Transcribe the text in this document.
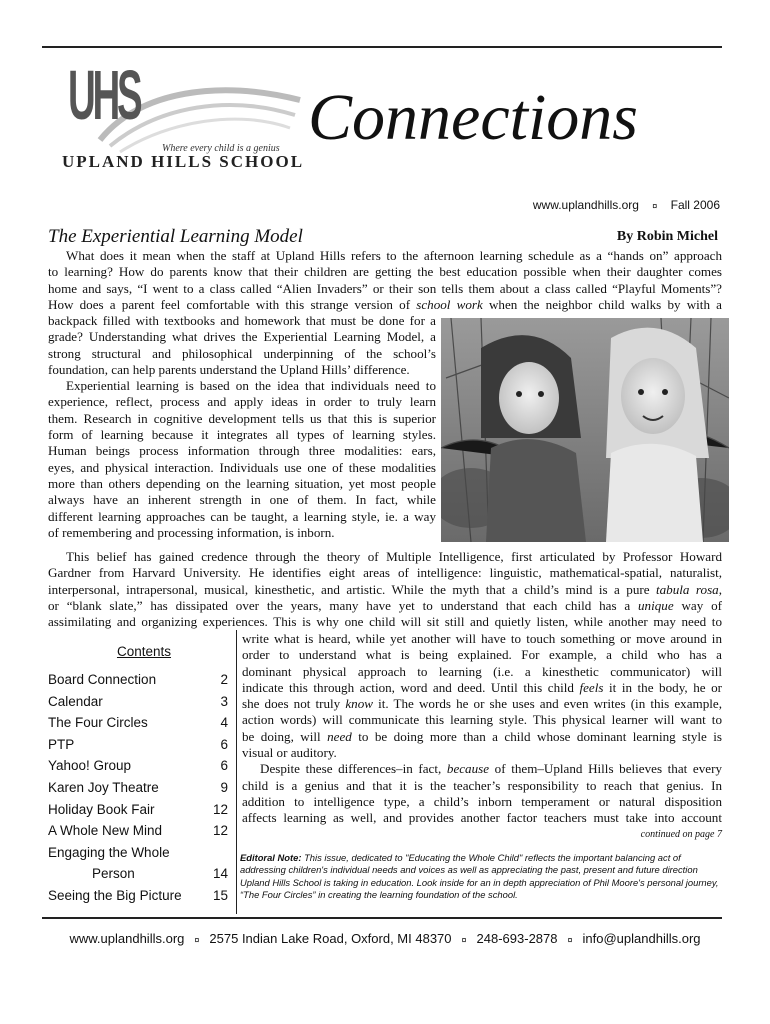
UHS
Where every child is a genius
UPLAND HILLS SCHOOL
Connections
www.uplandhills.org ¤ Fall 2006
The Experiential Learning Model	By Robin Michel

What does it mean when the staff at Upland Hills refers to the afternoon learning schedule as a “hands on” approach

to learning? How do parents know that their children are getting the best education possible when their daughter comes

home and says, “I went to a class called “Alien Invaders” or their son tells them about a class called “Playful Moments”?

How does a parent feel comfortable with this strange version of school work when the neighbor child walks by with a

backpack filled with textbooks and homework that must be done for a

grade? Understanding what drives the Experiential Learning Model, a

strong structural and philosophical underpinning of the school’s

foundation, can help parents understand the Upland Hills’ difference.

Experiential learning is based on the idea that individuals need to

experience, reflect, process and apply ideas in order to truly learn

them. Research in cognitive development tells us that this is superior

form of learning because it integrates all types of learning styles.

Human beings process information through three modalities: ears,

eyes, and physical interaction. Individuals use one of these modalities

more than others depending on the learning situation, yet most people

always have an inherent strength in one of them. In fact, while

different learning approaches can be taught, a learning style, ie. a way

of remembering and processing information, is inborn.

This belief has gained credence through the theory of Multiple Intelligence, first articulated by Professor Howard

Gardner from Harvard University. He identifies eight areas of intelligence: linguistic, mathematical-spatial, naturalist,

interpersonal, intrapersonal, musical, kinesthetic, and artistic. While the myth that a child’s mind is a pure tabula rosa,

or “blank slate,” has dissipated over the years, many have yet to understand that each child has a unique way of

assimilating and organizing experiences. This is why one child will sit still and quietly listen, while another may need to

Contents
Board Connection	2
Calendar	3
The Four Circles	4
PTP	6
Yahoo! Group	6
Karen Joy Theatre	9
Holiday Book Fair	12
A Whole New Mind	12
Engaging the Whole
Person	14
Seeing the Big Picture 15

write what is heard, while yet another will have to touch something or move around in

order to understand what is being explained. For example, a child who has a

dominant physical approach to learning (i.e. a kinesthetic communicator) will

indicate this through action, word and deed. Until this child feels it in the body, he or

she does not truly know it. The words he or she uses and even writes (in this example,

action words) will communicate this learning style. This physical learner will want to

be doing, will need to be doing more than a child whose dominant learning style is

visual or auditory.

Despite these differences–in fact, because of them–Upland Hills believes that every

child is a genius and that it is the teacher’s responsibility to reach that genius. In

addition to intelligence type, a child’s inborn temperament or natural disposition

affects learning as well, and provides another factor teachers must take into account

continued on page 7
Editoral Note: This issue, dedicated to "Educating the Whole Child" reflects the important balancing act of addressing children's individual needs and voices as well as appreciating the past, present and future direction Upland Hills School is taking in education. Look inside for an in depth appreciation of Phil Moore's personal journey, “The Four Circles” in creating the learning foundation of the school.
www.uplandhills.org ¤ 2575 Indian Lake Road, Oxford, MI 48370 ¤ 248-693-2878 ¤ info@uplandhills.org
